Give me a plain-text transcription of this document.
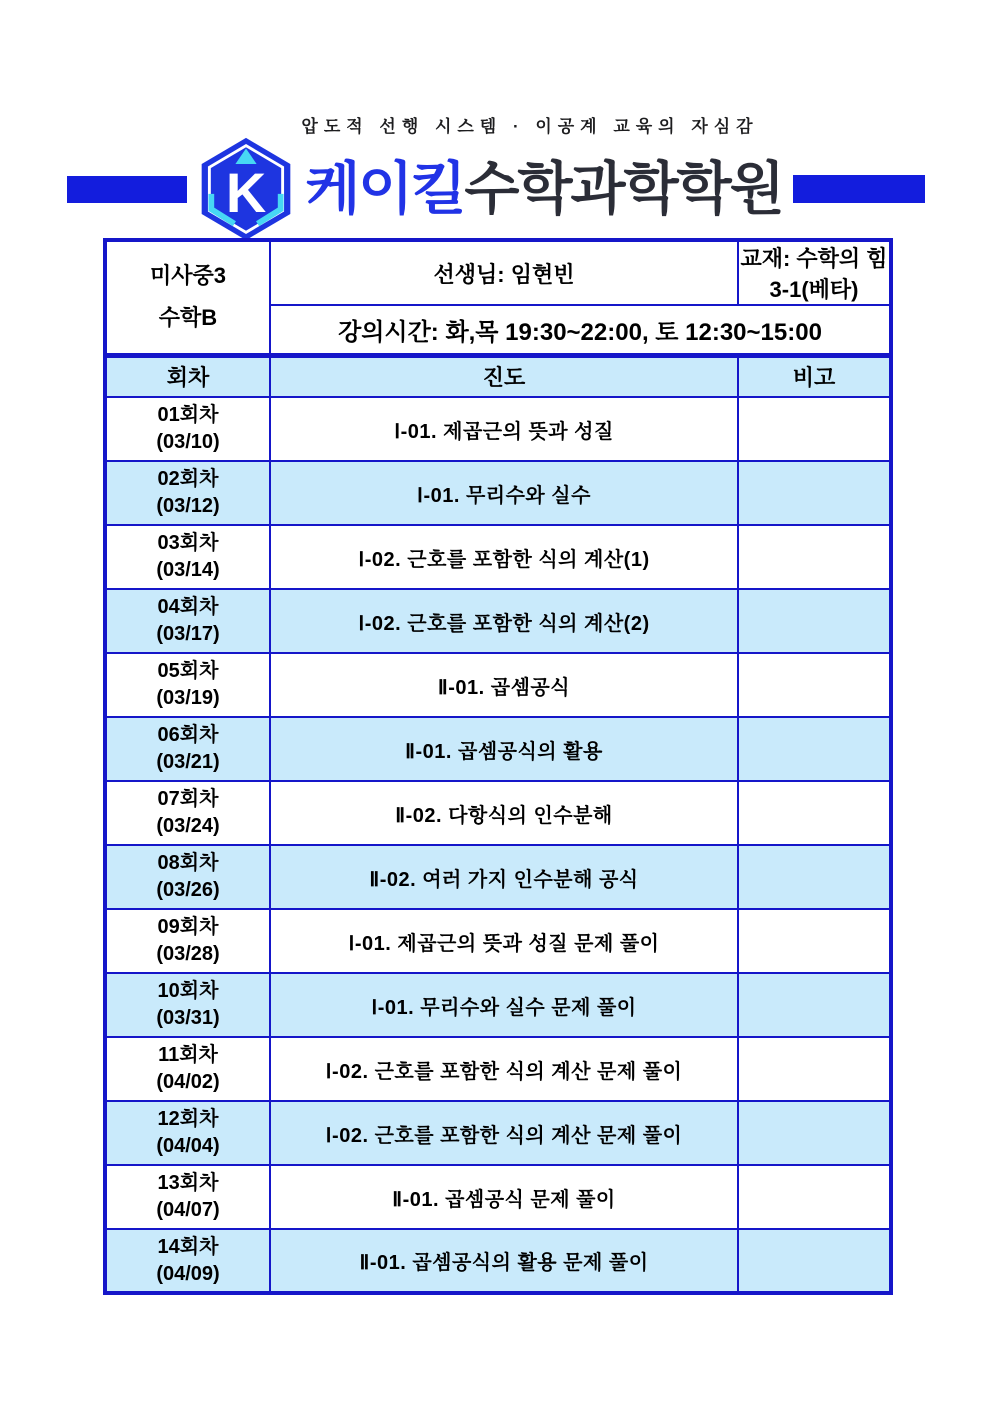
압도적 선행 시스템 · 이공계 교육의 자심감
K 케이킬수학과학학원
미사중3
수학B	선생님: 임현빈	교재: 수학의 힘 3-1(베타)
	강의시간: 화,목 19:30~22:00, 토 12:30~15:00	
회차	진도	비고

01회차
(03/10)	Ⅰ-01. 제곱근의 뜻과 성질	

02회차
(03/12)	Ⅰ-01. 무리수와 실수	

03회차
(03/14)	Ⅰ-02. 근호를 포함한 식의 계산(1)	

04회차
(03/17)	Ⅰ-02. 근호를 포함한 식의 계산(2)	

05회차
(03/19)	Ⅱ-01. 곱셈공식	

06회차
(03/21)	Ⅱ-01. 곱셈공식의 활용	

07회차
(03/24)	Ⅱ-02. 다항식의 인수분해	

08회차
(03/26)	Ⅱ-02. 여러 가지 인수분해 공식	

09회차
(03/28)	Ⅰ-01. 제곱근의 뜻과 성질 문제 풀이	

10회차
(03/31)	Ⅰ-01. 무리수와 실수 문제 풀이	

11회차
(04/02)	Ⅰ-02. 근호를 포함한 식의 계산 문제 풀이	

12회차
(04/04)	Ⅰ-02. 근호를 포함한 식의 계산 문제 풀이	

13회차
(04/07)	Ⅱ-01. 곱셈공식 문제 풀이	

14회차
(04/09)	Ⅱ-01. 곱셈공식의 활용 문제 풀이	
